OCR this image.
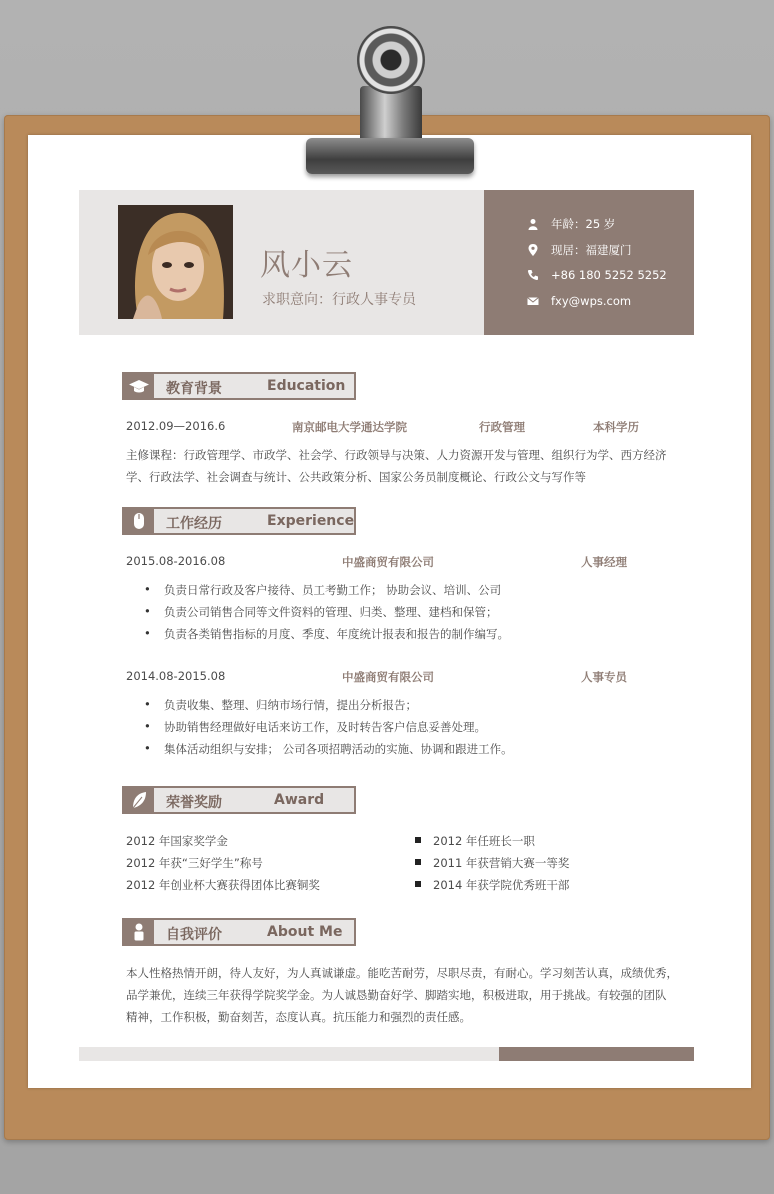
风小云
求职意向：行政人事专员
年龄：25 岁
现居：福建厦门
+86 180 5252 5252
fxy@wps.com
教育背景	Education
2012.09—2016.6	南京邮电大学通达学院	行政管理	本科学历
主修课程：行政管理学、市政学、社会学、行政领导与决策、人力资源开发与管理、组织行为学、西方经济
学、行政法学、社会调查与统计、公共政策分析、国家公务员制度概论、行政公文与写作等
工作经历	Experience
2015.08-2016.08	中盛商贸有限公司	人事经理
• 负责日常行政及客户接待、员工考勤工作； 协助会议、培训、公司
• 负责公司销售合同等文件资料的管理、归类、整理、建档和保管；
• 负责各类销售指标的月度、季度、年度统计报表和报告的制作编写。
2014.08-2015.08	中盛商贸有限公司	人事专员
• 负责收集、整理、归纳市场行情，提出分析报告；
• 协助销售经理做好电话来访工作，及时转告客户信息妥善处理。
• 集体活动组织与安排； 公司各项招聘活动的实施、协调和跟进工作。
荣誉奖励	Award
2012 年国家奖学金
2012 年获“三好学生”称号
2012 年创业杯大赛获得团体比赛铜奖
2012 年任班长一职
2011 年获营销大赛一等奖
2014 年获学院优秀班干部
自我评价	About Me
本人性格热情开朗，待人友好，为人真诚谦虚。能吃苦耐劳，尽职尽责，有耐心。学习刻苦认真，成绩优秀，
品学兼优，连续三年获得学院奖学金。为人诚恳勤奋好学、脚踏实地，积极进取，用于挑战。有较强的团队
精神，工作积极，勤奋刻苦，态度认真。抗压能力和强烈的责任感。
